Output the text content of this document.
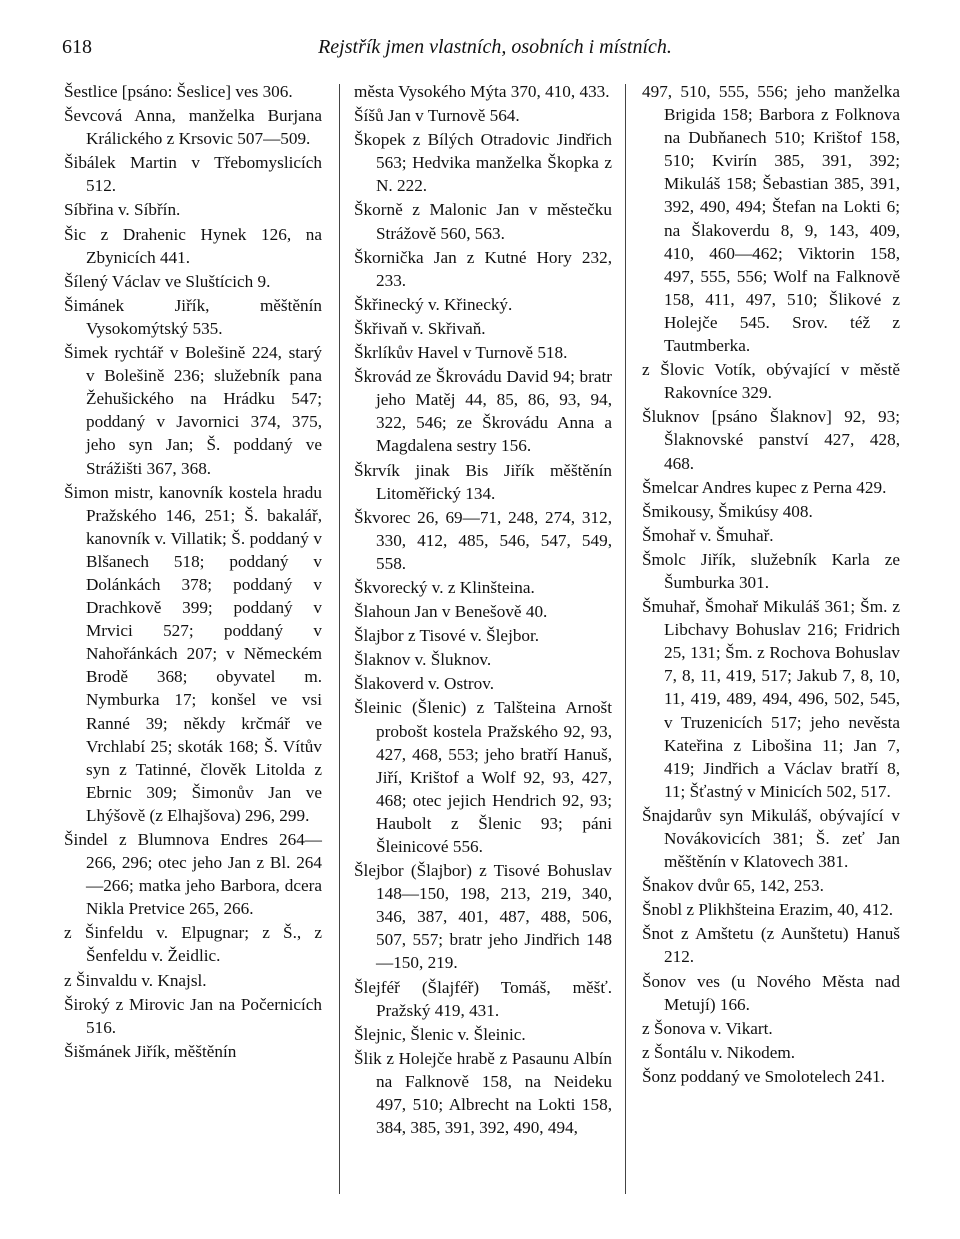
618	Rejstřík jmen vlastních, osobních i místních.
Šestlice [psáno: Šeslice] ves 306.
Ševcová Anna, manželka Burjana Králického z Krsovic 507—509.
Šibálek Martin v Třebomyslicích 512.
Síbřina v. Síbřín.
Šic z Drahenic Hynek 126, na Zbynicích 441.
Šílený Václav ve Sluštícich 9.
Šimánek Jiřík, měštěnín Vysokomýtský 535.
Šimek rychtář v Bolešině 224, starý v Bolešině 236; služebník pana Žehušického na Hrádku 547; poddaný v Javornici 374, 375, jeho syn Jan; Š. poddaný ve Strážišti 367, 368.
Šimon mistr, kanovník kostela hradu Pražského 146, 251; Š. bakalář, kanovník v. Villatik; Š. poddaný v Blšanech 518; poddaný v Dolánkách 378; poddaný v Drachkově 399; poddaný v Mrvici 527; poddaný v Nahořánkách 207; v Německém Brodě 368; obyvatel m. Nymburka 17; konšel ve vsi Ranné 39; někdy krčmář ve Vrchlabí 25; skoták 168; Š. Vítův syn z Tatinné, člověk Litolda z Ebrnic 309; Šimonův Jan ve Lhýšově (z Elhajšova) 296, 299.
Šindel z Blumnova Endres 264—266, 296; otec jeho Jan z Bl. 264—266; matka jeho Barbora, dcera Nikla Pretvice 265, 266.
z Šinfeldu v. Elpugnar; z Š., z Šenfeldu v. Žeidlic.
z Šinvaldu v. Knajsl.
Široký z Mirovic Jan na Počernicích 516.
Šišmánek Jiřík, měštěnín
města Vysokého Mýta 370, 410, 433.
Šíšů Jan v Turnově 564.
Škopek z Bílých Otradovic Jindřich 563; Hedvika manželka Škopka z N. 222.
Škorně z Malonic Jan v městečku Strážově 560, 563.
Škornička Jan z Kutné Hory 232, 233.
Škřinecký v. Křinecký.
Škřivaň v. Skřivaň.
Škrlíkův Havel v Turnově 518.
Škrovád ze Škrovádu David 94; bratr jeho Matěj 44, 85, 86, 93, 94, 322, 546; ze Škrovádu Anna a Magdalena sestry 156.
Škrvík jinak Bis Jiřík měštěnín Litoměřický 134.
Škvorec 26, 69—71, 248, 274, 312, 330, 412, 485, 546, 547, 549, 558.
Škvorecký v. z Klinšteina.
Šlahoun Jan v Benešově 40.
Šlajbor z Tisové v. Šlejbor.
Šlaknov v. Šluknov.
Šlakoverd v. Ostrov.
Šleinic (Šlenic) z Talšteina Arnošt probošt kostela Pražského 92, 93, 427, 468, 553; jeho bratří Hanuš, Jiří, Krištof a Wolf 92, 93, 427, 468; otec jejich Hendrich 92, 93; Haubolt z Šlenic 93; páni Šleinicové 556.
Šlejbor (Šlajbor) z Tisové Bohuslav 148—150, 198, 213, 219, 340, 346, 387, 401, 487, 488, 506, 507, 557; bratr jeho Jindřich 148—150, 219.
Šlejféř (Šlajféř) Tomáš, měšť. Pražský 419, 431.
Šlejnic, Šlenic v. Šleinic.
Šlik z Holejče hrabě z Pasaunu Albín na Falknově 158, na Neideku 497, 510; Albrecht na Lokti 158, 384, 385, 391, 392, 490, 494,
497, 510, 555, 556; jeho manželka Brigida 158; Barbora z Folknova na Dubňanech 510; Krištof 158, 510; Kvirín 385, 391, 392; Mikuláš 158; Šebastian 385, 391, 392, 490, 494; Štefan na Lokti 6; na Šlakoverdu 8, 9, 143, 409, 410, 460—462; Viktorin 158, 497, 555, 556; Wolf na Falknově 158, 411, 497, 510; Šlikové z Holejče 545. Srov. též z Tautmberka.
z Šlovic Votík, obývající v městě Rakovníce 329.
Šluknov [psáno Šlaknov] 92, 93; Šlaknovské panství 427, 428, 468.
Šmelcar Andres kupec z Perna 429.
Šmikousy, Šmikúsy 408.
Šmohař v. Šmuhař.
Šmolc Jiřík, služebník Karla ze Šumburka 301.
Šmuhař, Šmohař Mikuláš 361; Šm. z Libchavy Bohuslav 216; Fridrich 25, 131; Šm. z Rochova Bohuslav 7, 8, 11, 419, 517; Jakub 7, 8, 10, 11, 419, 489, 494, 496, 502, 545, v Truzenicích 517; jeho nevěsta Kateřina z Libošina 11; Jan 7, 419; Jindřich a Václav bratří 8, 11; Šťastný v Minicích 502, 517.
Šnajdarův syn Mikuláš, obývající v Novákovicích 381; Š. zeť Jan měštěnín v Klatovech 381.
Šnakov dvůr 65, 142, 253.
Šnobl z Plikhšteina Erazim, 40, 412.
Šnot z Amštetu (z Aunštetu) Hanuš 212.
Šonov ves (u Nového Města nad Metují) 166.
z Šonova v. Vikart.
z Šontálu v. Nikodem.
Šonz poddaný ve Smolotelech 241.
